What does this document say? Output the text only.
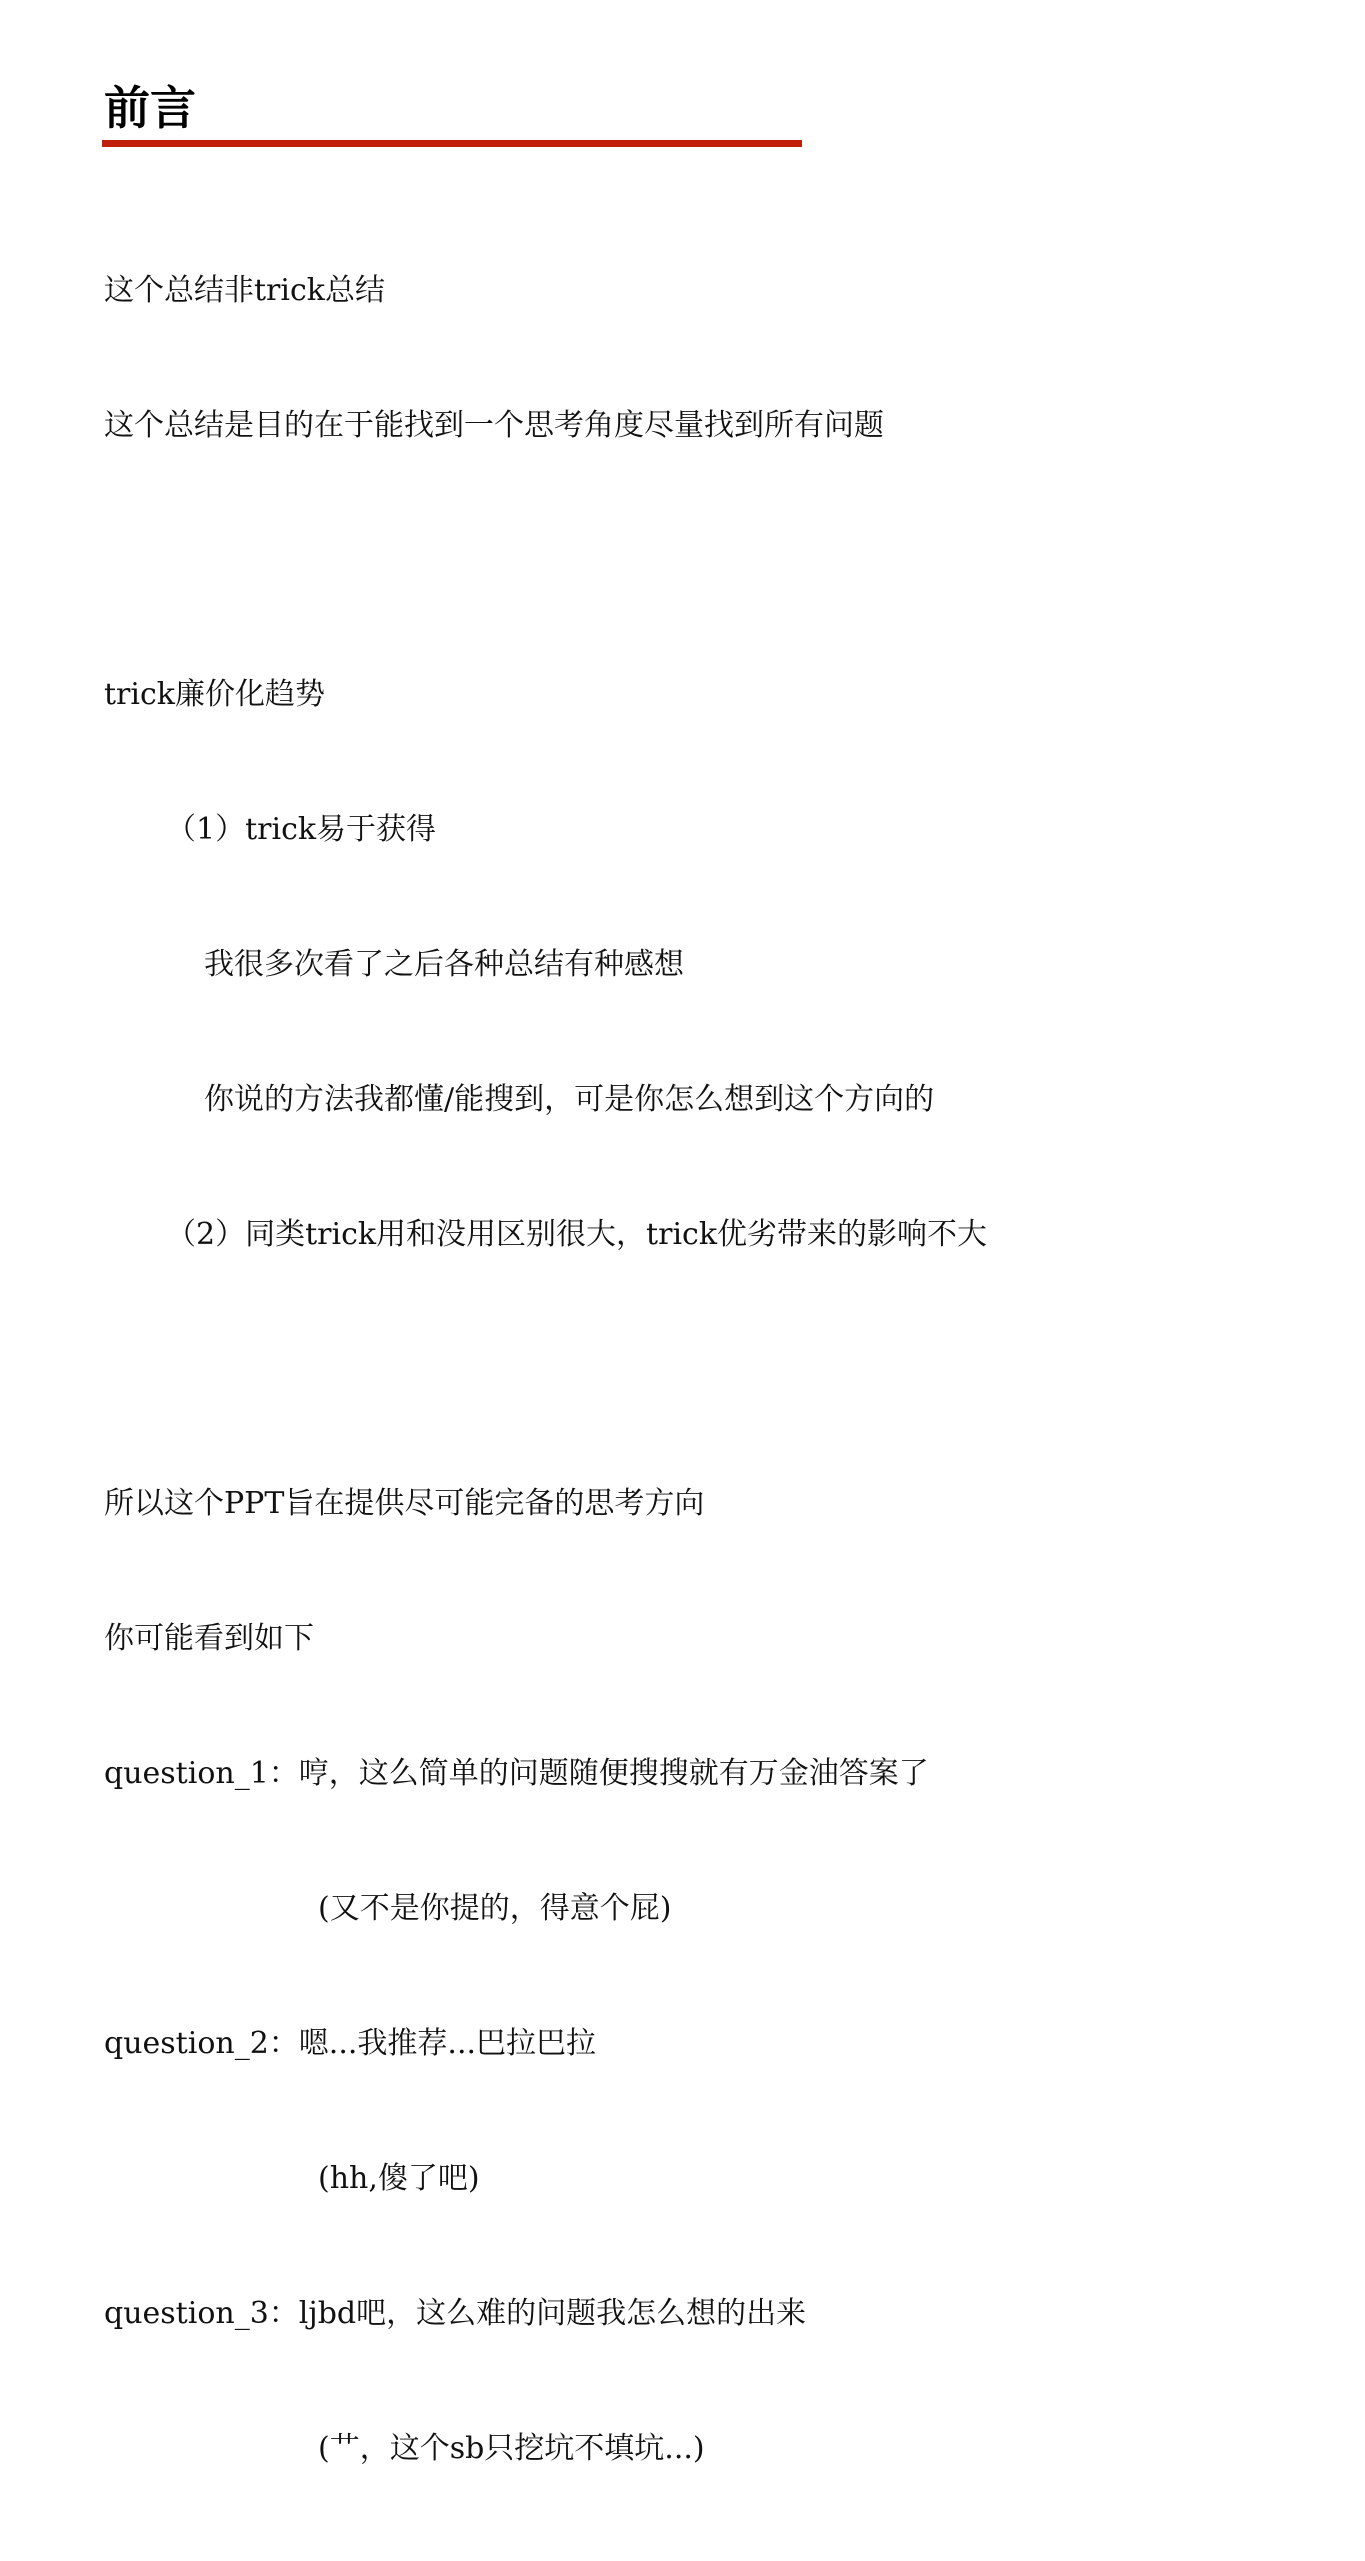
前言

这个总结非trick总结

这个总结是目的在于能找到一个思考角度尽量找到所有问题

trick廉价化趋势

（1）trick易于获得

我很多次看了之后各种总结有种感想

你说的方法我都懂/能搜到，可是你怎么想到这个方向的

（2）同类trick用和没用区别很大，trick优劣带来的影响不大

所以这个PPT旨在提供尽可能完备的思考方向

你可能看到如下

question_1：哼，这么简单的问题随便搜搜就有万金油答案了

(又不是你提的，得意个屁)

question_2：嗯...我推荐...巴拉巴拉

(hh,傻了吧)

question_3：ljbd吧，这么难的问题我怎么想的出来

(艹，这个sb只挖坑不填坑...)
